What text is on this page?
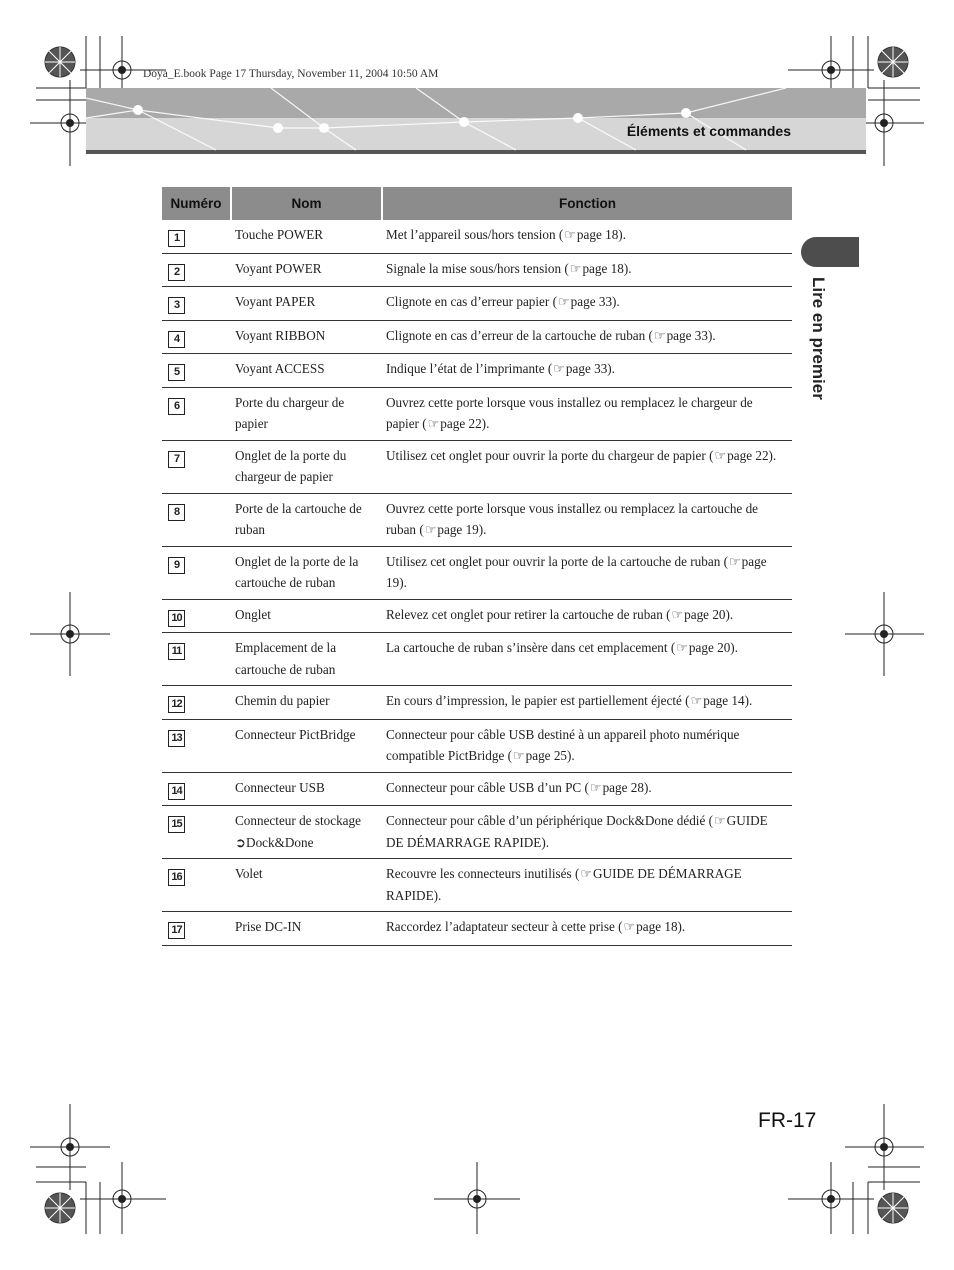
Doya_E.book Page 17 Thursday, November 11, 2004 10:50 AM
Éléments et commandes
Lire en premier
Numéro	Nom	Fonction
1	Touche POWER	Met l’appareil sous/hors tension (☞page 18).
2	Voyant POWER	Signale la mise sous/hors tension (☞page 18).
3	Voyant PAPER	Clignote en cas d’erreur papier (☞page 33).
4	Voyant RIBBON	Clignote en cas d’erreur de la cartouche de ruban (☞page 33).
5	Voyant ACCESS	Indique l’état de l’imprimante (☞page 33).
6	Porte du chargeur de papier	Ouvrez cette porte lorsque vous installez ou remplacez le chargeur de papier (☞page 22).
7	Onglet de la porte du chargeur de papier	Utilisez cet onglet pour ouvrir la porte du chargeur de papier (☞page 22).
8	Porte de la cartouche de ruban	Ouvrez cette porte lorsque vous installez ou remplacez la cartouche de ruban (☞page 19).
9	Onglet de la porte de la cartouche de ruban	Utilisez cet onglet pour ouvrir la porte de la cartouche de ruban (☞page 19).
10	Onglet	Relevez cet onglet pour retirer la cartouche de ruban (☞page 20).
11	Emplacement de la cartouche de ruban	La cartouche de ruban s’insère dans cet emplacement (☞page 20).
12	Chemin du papier	En cours d’impression, le papier est partiellement éjecté (☞page 14).
13	Connecteur PictBridge	Connecteur pour câble USB destiné à un appareil photo numérique compatible PictBridge (☞page 25).
14	Connecteur USB	Connecteur pour câble USB d’un PC (☞page 28).
15	Connecteur de stockage ➲Dock&Done	Connecteur pour câble d’un périphérique Dock&Done dédié (☞GUIDE DE DÉMARRAGE RAPIDE).
16	Volet	Recouvre les connecteurs inutilisés (☞GUIDE DE DÉMARRAGE RAPIDE).
17	Prise DC-IN	Raccordez l’adaptateur secteur à cette prise (☞page 18).
FR-17
